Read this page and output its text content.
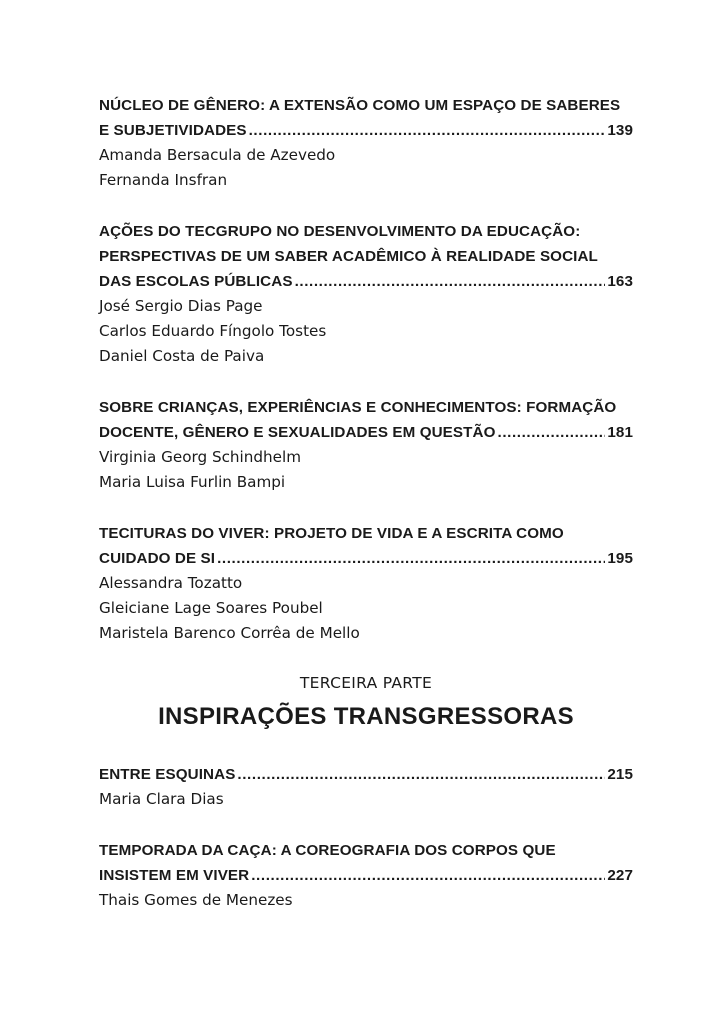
NÚCLEO DE GÊNERO: A EXTENSÃO COMO UM ESPAÇO DE SABERES
E SUBJETIVIDADES .....	139
Amanda Bersacula de Azevedo
Fernanda Insfran
AÇÕES DO TECGRUPO NO DESENVOLVIMENTO DA EDUCAÇÃO:
PERSPECTIVAS DE UM SABER ACADÊMICO À REALIDADE SOCIAL
DAS ESCOLAS PÚBLICAS .....	163
José Sergio Dias Page
Carlos Eduardo Fíngolo Tostes
Daniel Costa de Paiva
SOBRE CRIANÇAS, EXPERIÊNCIAS E CONHECIMENTOS: FORMAÇÃO
DOCENTE, GÊNERO E SEXUALIDADES EM QUESTÃO .....	181
Virginia Georg Schindhelm
Maria Luisa Furlin Bampi
TECITURAS DO VIVER: PROJETO DE VIDA E A ESCRITA COMO
CUIDADO DE SI .....	195
Alessandra Tozatto
Gleiciane Lage Soares Poubel
Maristela Barenco Corrêa de Mello
TERCEIRA PARTE
INSPIRAÇÕES TRANSGRESSORAS
ENTRE ESQUINAS .....	215
Maria Clara Dias
TEMPORADA DA CAÇA: A COREOGRAFIA DOS CORPOS QUE
INSISTEM EM VIVER .....	227
Thais Gomes de Menezes
